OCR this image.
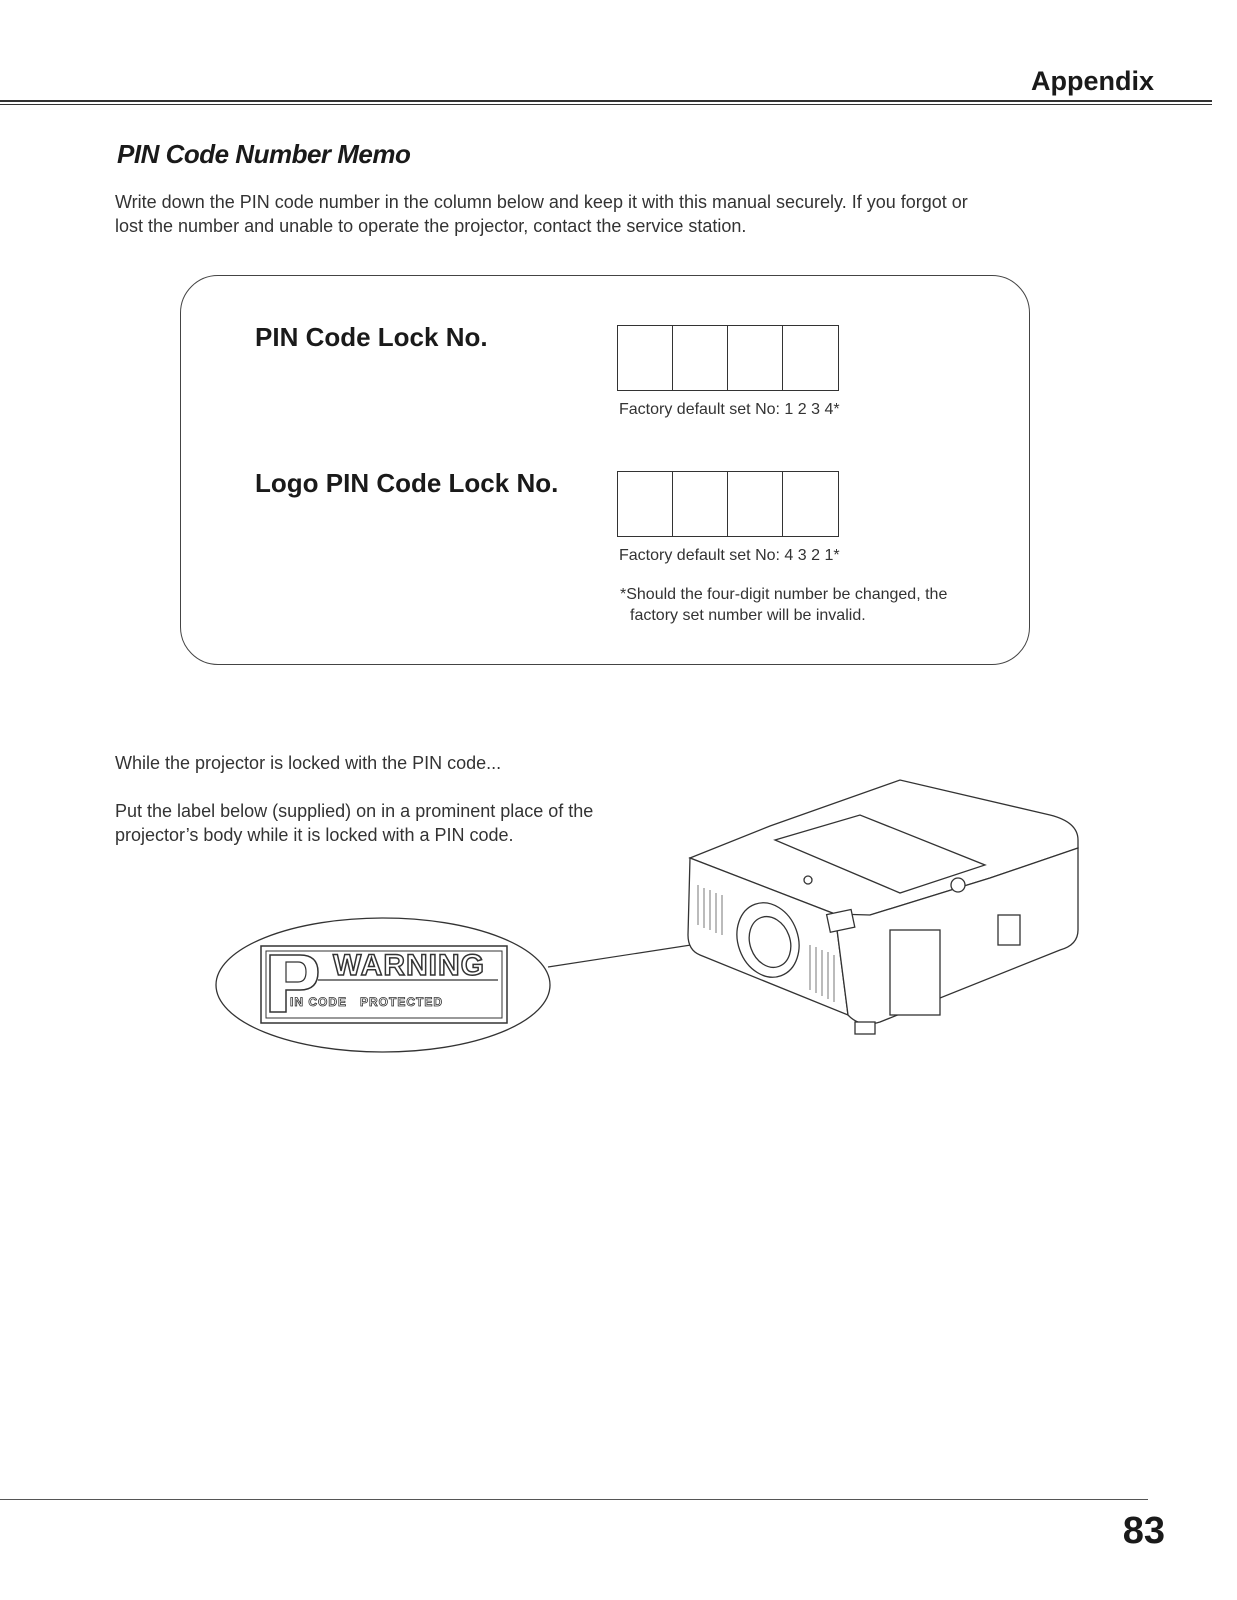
Appendix
PIN Code Number Memo
Write down the PIN code number in the column below and keep it with this manual securely. If you forgot or
lost the number and unable to operate the projector, contact the service station.
PIN Code Lock No.
Factory default set No: 1 2 3 4*
Logo PIN Code Lock No.
Factory default set No: 4 3 2 1*
*Should the four-digit number be changed, the
factory set number will be invalid.
While the projector is locked with the PIN code...
Put the label below (supplied) on in a prominent place of the
projector’s body while it is locked with a PIN code.
WARNING
IN CODE   PROTECTED
83
